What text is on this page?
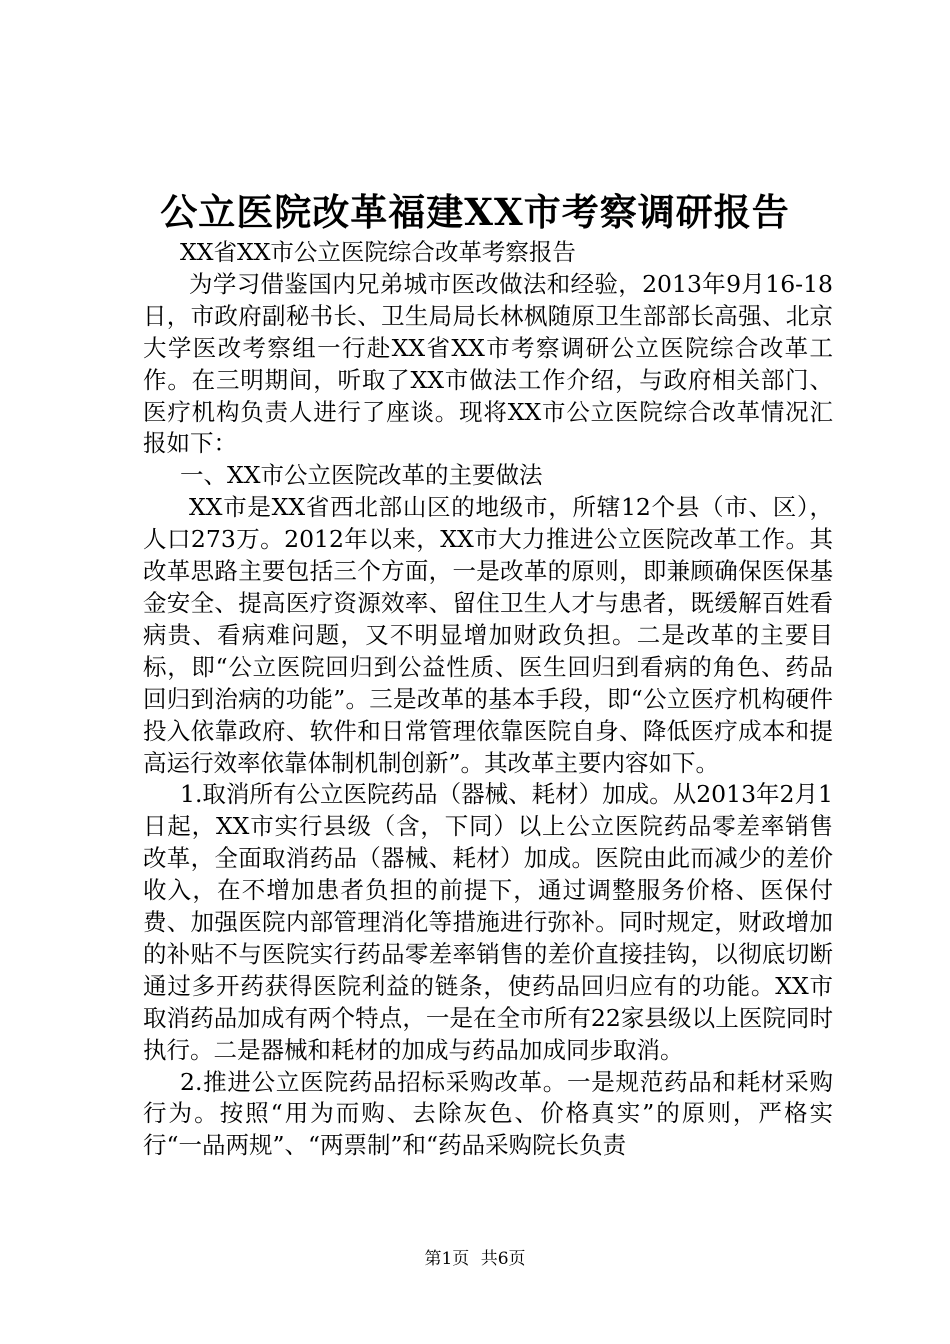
公立医院改革福建XX市考察调研报告

XX省XX市公立医院综合改革考察报告

为学习借鉴国内兄弟城市医改做法和经验，2013年9月16-18日，市政府副秘书长、卫生局局长林枫随原卫生部部长高强、北京大学医改考察组一行赴XX省XX市考察调研公立医院综合改革工作。在三明期间，听取了XX市做法工作介绍，与政府相关部门、医疗机构负责人进行了座谈。现将XX市公立医院综合改革情况汇报如下：

一、XX市公立医院改革的主要做法

XX市是XX省西北部山区的地级市，所辖12个县（市、区），人口273万。2012年以来，XX市大力推进公立医院改革工作。其改革思路主要包括三个方面，一是改革的原则，即兼顾确保医保基金安全、提高医疗资源效率、留住卫生人才与患者，既缓解百姓看病贵、看病难问题，又不明显增加财政负担。二是改革的主要目标，即“公立医院回归到公益性质、医生回归到看病的角色、药品回归到治病的功能”。三是改革的基本手段，即“公立医疗机构硬件投入依靠政府、软件和日常管理依靠医院自身、降低医疗成本和提高运行效率依靠体制机制创新”。其改革主要内容如下。

1.取消所有公立医院药品（器械、耗材）加成。从2013年2月1日起，XX市实行县级（含，下同）以上公立医院药品零差率销售改革，全面取消药品（器械、耗材）加成。医院由此而减少的差价收入，在不增加患者负担的前提下，通过调整服务价格、医保付费、加强医院内部管理消化等措施进行弥补。同时规定，财政增加的补贴不与医院实行药品零差率销售的差价直接挂钩，以彻底切断通过多开药获得医院利益的链条，使药品回归应有的功能。XX市取消药品加成有两个特点，一是在全市所有22家县级以上医院同时执行。二是器械和耗材的加成与药品加成同步取消。

2.推进公立医院药品招标采购改革。一是规范药品和耗材采购行为。按照“用为而购、去除灰色、价格真实”的原则，严格实行“一品两规”、“两票制”和“药品采购院长负责

第1页 共6页
